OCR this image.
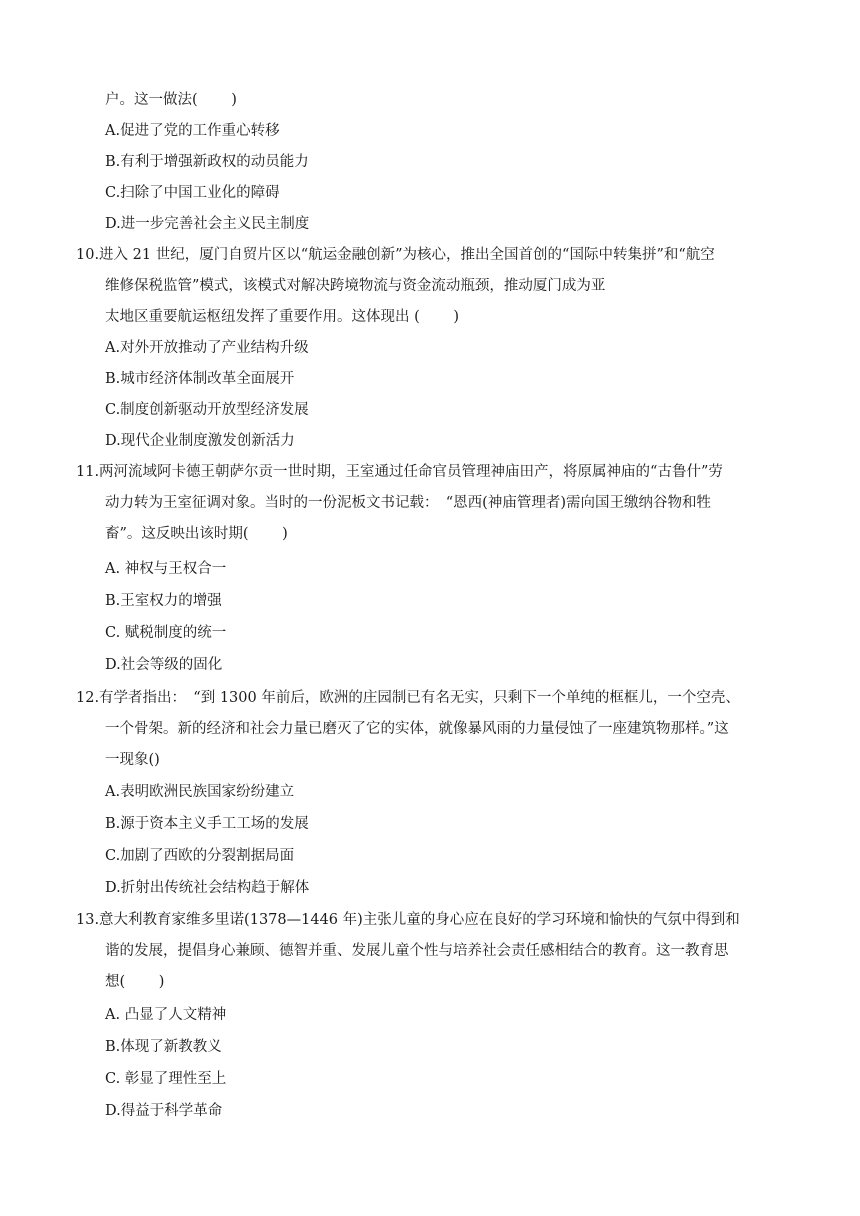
户。这一做法(　　 )
A.促进了党的工作重心转移
B.有利于增强新政权的动员能力
C.扫除了中国工业化的障碍
D.进一步完善社会主义民主制度
10.进入 21 世纪，厦门自贸片区以“航运金融创新”为核心，推出全国首创的“国际中转集拼”和“航空
维修保税监管”模式，该模式对解决跨境物流与资金流动瓶颈，推动厦门成为亚
太地区重要航运枢纽发挥了重要作用。这体现出 (　　 )
A.对外开放推动了产业结构升级
B.城市经济体制改革全面展开
C.制度创新驱动开放型经济发展
D.现代企业制度激发创新活力
11.两河流域阿卡德王朝萨尔贡一世时期，王室通过任命官员管理神庙田产，将原属神庙的“古鲁什”劳
动力转为王室征调对象。当时的一份泥板文书记载：　“恩西(神庙管理者)需向国王缴纳谷物和牲
畜”。这反映出该时期(　　 )
A. 神权与王权合一
B.王室权力的增强
C. 赋税制度的统一
D.社会等级的固化
12.有学者指出：　“到 1300 年前后，欧洲的庄园制已有名无实，只剩下一个单纯的框框儿，一个空壳、
一个骨架。新的经济和社会力量已磨灭了它的实体，就像暴风雨的力量侵蚀了一座建筑物那样。”这
一现象()
A.表明欧洲民族国家纷纷建立
B.源于资本主义手工工场的发展
C.加剧了西欧的分裂割据局面
D.折射出传统社会结构趋于解体
13.意大利教育家维多里诺(1378—1446 年)主张儿童的身心应在良好的学习环境和愉快的气氛中得到和
谐的发展，提倡身心兼顾、德智并重、发展儿童个性与培养社会责任感相结合的教育。这一教育思
想(　　 )
A. 凸显了人文精神
B.体现了新教教义
C. 彰显了理性至上
D.得益于科学革命
